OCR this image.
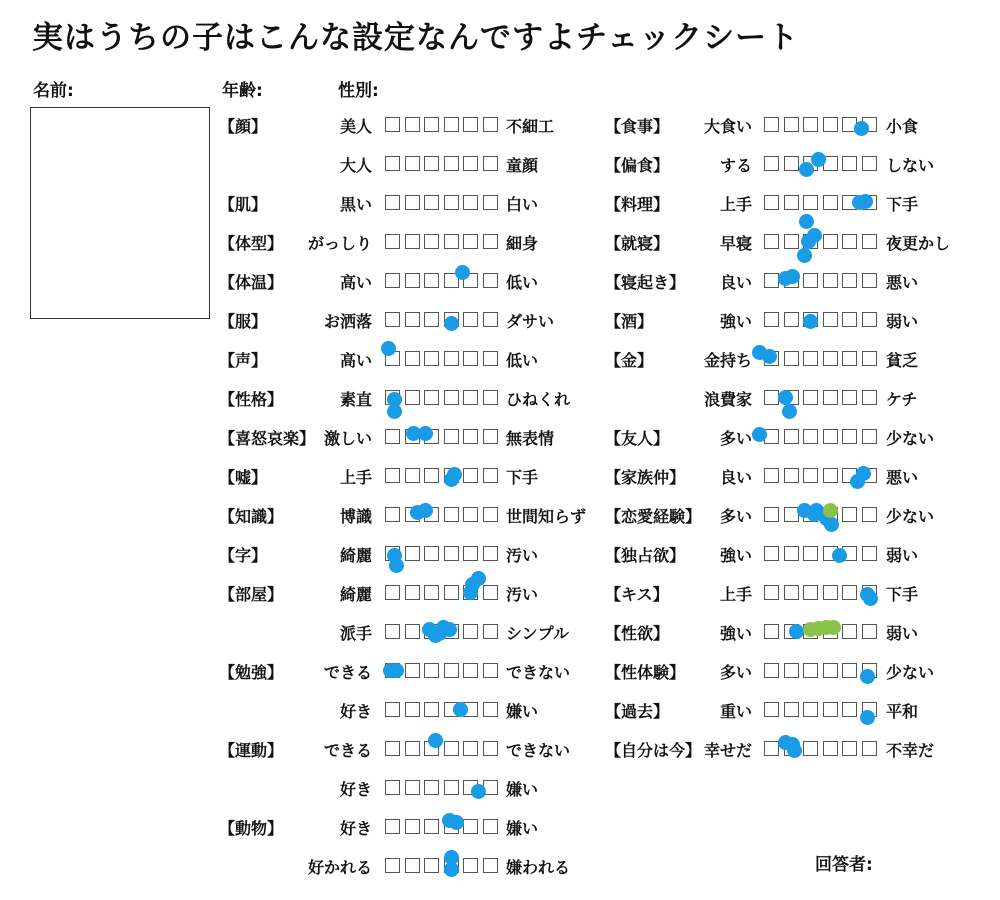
実はうちの子はこんな設定なんですよチェックシート
名前:	年齢:	性別:
【顔】	美人	不細工
大人	童顔
【肌】	黒い	白い
【体型】	がっしり	細身
【体温】	高い	低い
【服】	お洒落	ダサい
【声】	高い	低い
【性格】	素直	ひねくれ
【喜怒哀楽】 激しい	無表情
【嘘】	上手	下手
【知識】	博識	世間知らず
【字】	綺麗	汚い
【部屋】	綺麗	汚い
派手	シンプル
【勉強】	できる	できない
好き	嫌い
【運動】	できる	できない
好き	嫌い
【動物】	好き	嫌い
好かれる	嫌われる
【食事】	大食い	小食
【偏食】	する	しない
【料理】	上手	下手
【就寝】	早寝	夜更かし
【寝起き】	良い	悪い
【酒】	強い	弱い
【金】	金持ち	貧乏
浪費家	ケチ
【友人】	多い	少ない
【家族仲】	良い	悪い
【恋愛経験】	多い	少ない
【独占欲】	強い	弱い
【キス】	上手	下手
【性欲】	強い	弱い
【性体験】	多い	少ない
【過去】	重い	平和
【自分は今】 幸せだ	不幸だ
回答者:
